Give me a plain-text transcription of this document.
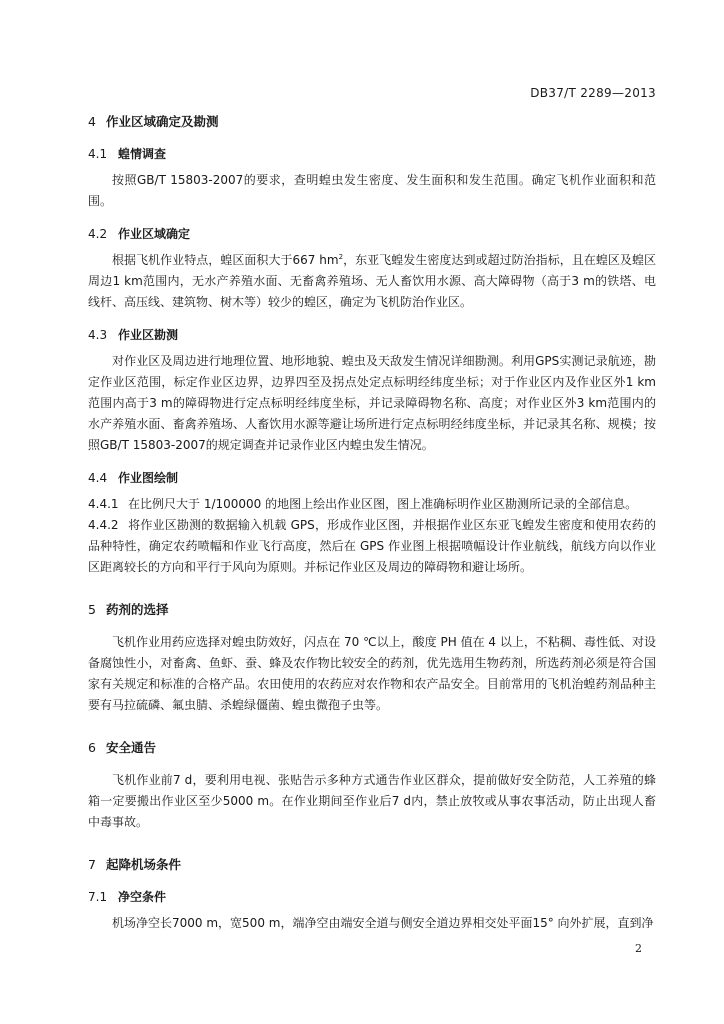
DB37/T 2289—2013
4 作业区域确定及勘测
4.1 蝗情调查

按照GB/T 15803-2007的要求，查明蝗虫发生密度、发生面积和发生范围。确定飞机作业面积和范围。

4.2 作业区域确定

根据飞机作业特点，蝗区面积大于667 $hm^2$，东亚飞蝗发生密度达到或超过防治指标，且在蝗区及蝗区周边1 km范围内，无水产养殖水面、无畜禽养殖场、无人畜饮用水源、高大障碍物（高于3 m的铁塔、电线杆、高压线、建筑物、树木等）较少的蝗区，确定为飞机防治作业区。

4.3 作业区勘测

对作业区及周边进行地理位置、地形地貌、蝗虫及天敌发生情况详细勘测。利用GPS实测记录航迹，勘定作业区范围，标定作业区边界，边界四至及拐点处定点标明经纬度坐标；对于作业区内及作业区外1 km范围内高于3 m的障碍物进行定点标明经纬度坐标，并记录障碍物名称、高度；对作业区外3 km范围内的水产养殖水面、畜禽养殖场、人畜饮用水源等避让场所进行定点标明经纬度坐标，并记录其名称、规模；按照GB/T 15803-2007的规定调查并记录作业区内蝗虫发生情况。

4.4 作业图绘制

4.4.1 在比例尺大于 1/100000 的地图上绘出作业区图，图上准确标明作业区勘测所记录的全部信息。

4.4.2 将作业区勘测的数据输入机载 GPS，形成作业区图，并根据作业区东亚飞蝗发生密度和使用农药的品种特性，确定农药喷幅和作业飞行高度，然后在 GPS 作业图上根据喷幅设计作业航线，航线方向以作业区距离较长的方向和平行于风向为原则。并标记作业区及周边的障碍物和避让场所。

5 药剂的选择

飞机作业用药应选择对蝗虫防效好，闪点在 70 ℃以上，酸度 PH 值在 4 以上，不粘稠、毒性低、对设备腐蚀性小，对畜禽、鱼虾、蚕、蜂及农作物比较安全的药剂，优先选用生物药剂，所选药剂必须是符合国家有关规定和标准的合格产品。农田使用的农药应对农作物和农产品安全。目前常用的飞机治蝗药剂品种主要有马拉硫磷、氟虫腈、杀蝗绿僵菌、蝗虫微孢子虫等。

6 安全通告

飞机作业前7 d，要利用电视、张贴告示多种方式通告作业区群众，提前做好安全防范，人工养殖的蜂箱一定要搬出作业区至少5000 m。在作业期间至作业后7 d内，禁止放牧或从事农事活动，防止出现人畜中毒事故。

7 起降机场条件
7.1 净空条件

机场净空长7000 m，宽500 m，端净空由端安全道与侧安全道边界相交处平面15° 向外扩展，直到净

2
